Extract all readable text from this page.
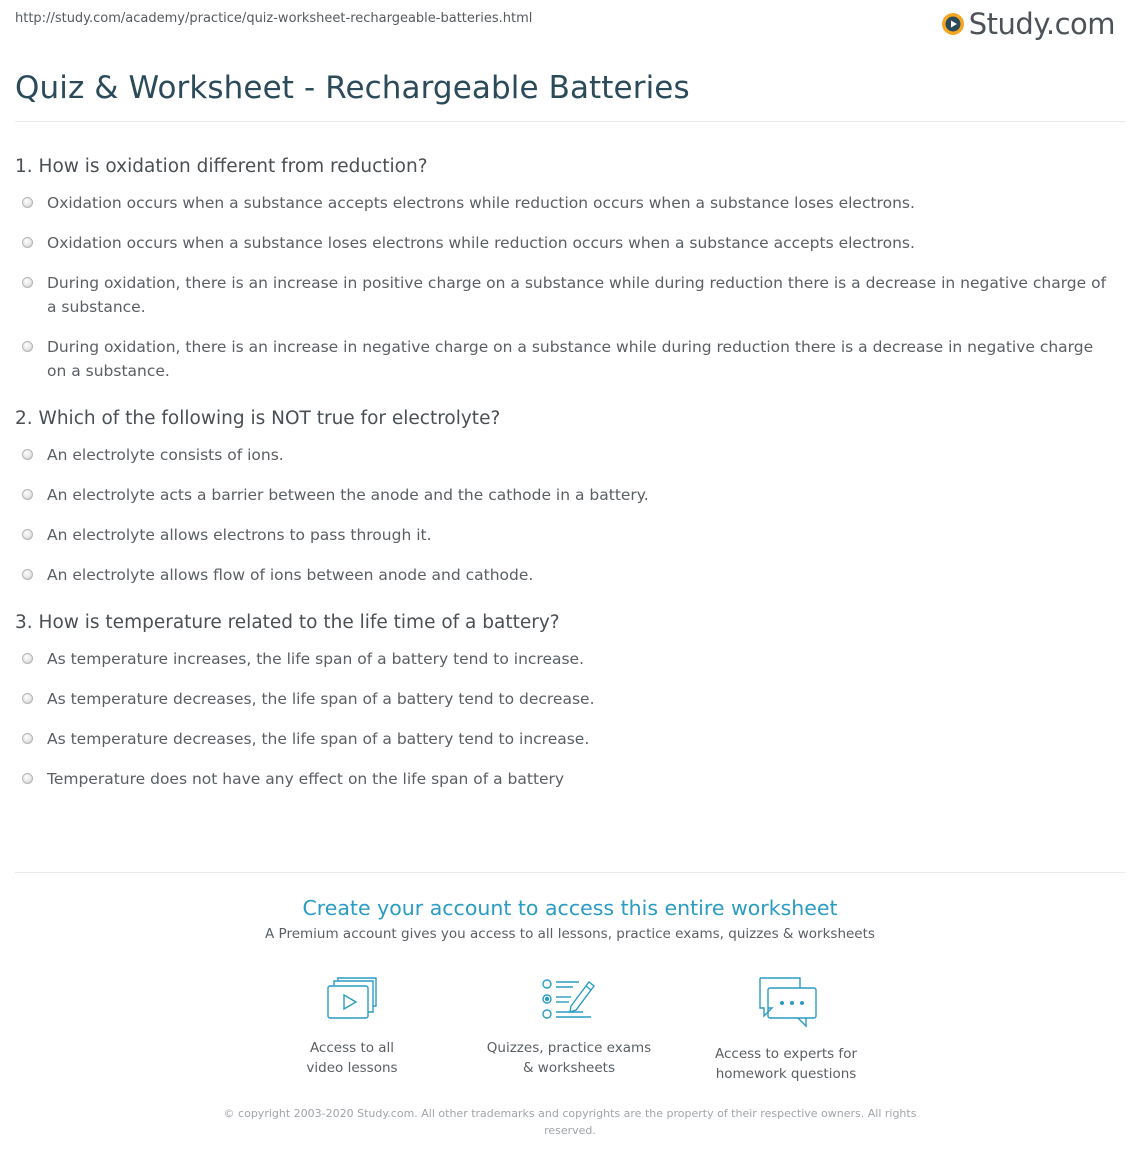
http://study.com/academy/practice/quiz-worksheet-rechargeable-batteries.html	Study.com
Quiz & Worksheet - Rechargeable Batteries
1. How is oxidation different from reduction?
Oxidation occurs when a substance accepts electrons while reduction occurs when a substance loses electrons.
Oxidation occurs when a substance loses electrons while reduction occurs when a substance accepts electrons.
During oxidation, there is an increase in positive charge on a substance while during reduction there is a decrease in negative charge of a substance.
During oxidation, there is an increase in negative charge on a substance while during reduction there is a decrease in negative charge on a substance.
2. Which of the following is NOT true for electrolyte?
An electrolyte consists of ions.
An electrolyte acts a barrier between the anode and the cathode in a battery.
An electrolyte allows electrons to pass through it.
An electrolyte allows flow of ions between anode and cathode.
3. How is temperature related to the life time of a battery?
As temperature increases, the life span of a battery tend to increase.
As temperature decreases, the life span of a battery tend to decrease.
As temperature decreases, the life span of a battery tend to increase.
Temperature does not have any effect on the life span of a battery
Create your account to access this entire worksheet
A Premium account gives you access to all lessons, practice exams, quizzes & worksheets
Access to all
video lessons
Quizzes, practice exams
& worksheets
Access to experts for
homework questions
© copyright 2003-2020 Study.com. All other trademarks and copyrights are the property of their respective owners. All rights reserved.
